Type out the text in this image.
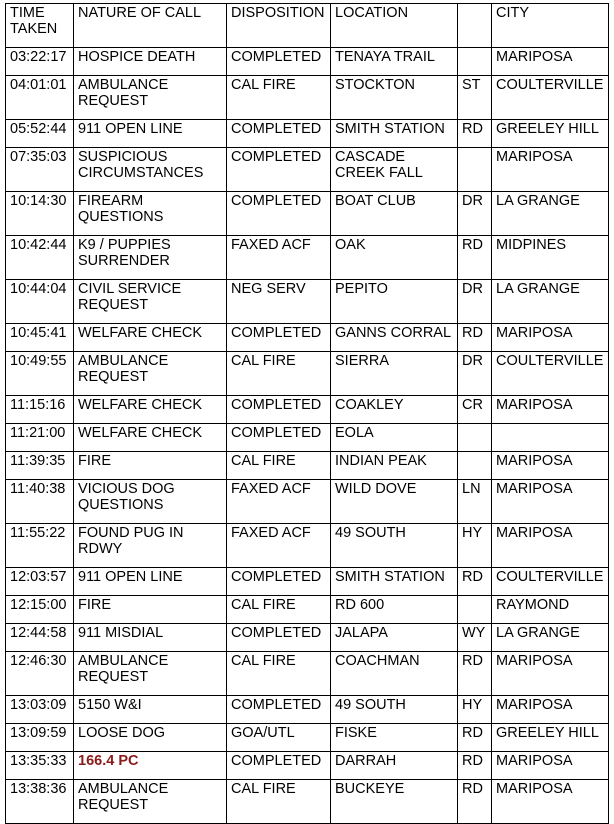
TIME TAKEN	NATURE OF CALL	DISPOSITION	LOCATION		CITY
03:22:17	HOSPICE DEATH	COMPLETED	TENAYA TRAIL		MARIPOSA
04:01:01	AMBULANCE REQUEST	CAL FIRE	STOCKTON	ST	COULTERVILLE
05:52:44	911 OPEN LINE	COMPLETED	SMITH STATION	RD	GREELEY HILL
07:35:03	SUSPICIOUS CIRCUMSTANCES	COMPLETED	CASCADE CREEK FALL		MARIPOSA
10:14:30	FIREARM QUESTIONS	COMPLETED	BOAT CLUB	DR	LA GRANGE
10:42:44	K9 / PUPPIES SURRENDER	FAXED ACF	OAK	RD	MIDPINES
10:44:04	CIVIL SERVICE REQUEST	NEG SERV	PEPITO	DR	LA GRANGE
10:45:41	WELFARE CHECK	COMPLETED	GANNS CORRAL	RD	MARIPOSA
10:49:55	AMBULANCE REQUEST	CAL FIRE	SIERRA	DR	COULTERVILLE
11:15:16	WELFARE CHECK	COMPLETED	COAKLEY	CR	MARIPOSA
11:21:00	WELFARE CHECK	COMPLETED	EOLA		
11:39:35	FIRE	CAL FIRE	INDIAN PEAK		MARIPOSA
11:40:38	VICIOUS DOG QUESTIONS	FAXED ACF	WILD DOVE	LN	MARIPOSA
11:55:22	FOUND PUG IN RDWY	FAXED ACF	49 SOUTH	HY	MARIPOSA
12:03:57	911 OPEN LINE	COMPLETED	SMITH STATION	RD	COULTERVILLE
12:15:00	FIRE	CAL FIRE	RD 600		RAYMOND
12:44:58	911 MISDIAL	COMPLETED	JALAPA	WY	LA GRANGE
12:46:30	AMBULANCE REQUEST	CAL FIRE	COACHMAN	RD	MARIPOSA
13:03:09	5150 W&I	COMPLETED	49 SOUTH	HY	MARIPOSA
13:09:59	LOOSE DOG	GOA/UTL	FISKE	RD	GREELEY HILL
13:35:33	166.4 PC	COMPLETED	DARRAH	RD	MARIPOSA
13:38:36	AMBULANCE REQUEST	CAL FIRE	BUCKEYE	RD	MARIPOSA
